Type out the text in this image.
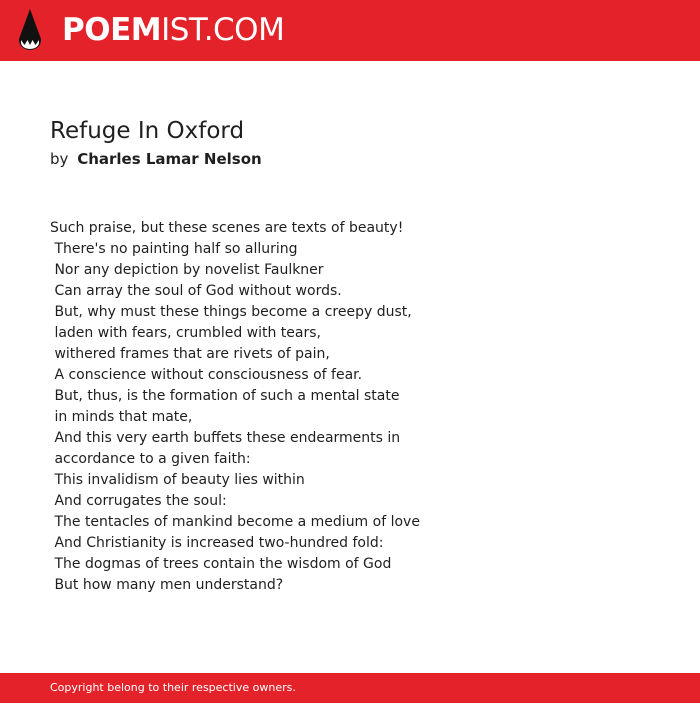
POEMIST.COM
Refuge In Oxford
by Charles Lamar Nelson
Such praise, but these scenes are texts of beauty!
There's no painting half so alluring
Nor any depiction by novelist Faulkner
Can array the soul of God without words.
But, why must these things become a creepy dust,
laden with fears, crumbled with tears,
withered frames that are rivets of pain,
A conscience without consciousness of fear.
But, thus, is the formation of such a mental state
in minds that mate,
And this very earth buffets these endearments in
accordance to a given faith:
This invalidism of beauty lies within
And corrugates the soul:
The tentacles of mankind become a medium of love
And Christianity is increased two-hundred fold:
The dogmas of trees contain the wisdom of God
But how many men understand?
Copyright belong to their respective owners.
